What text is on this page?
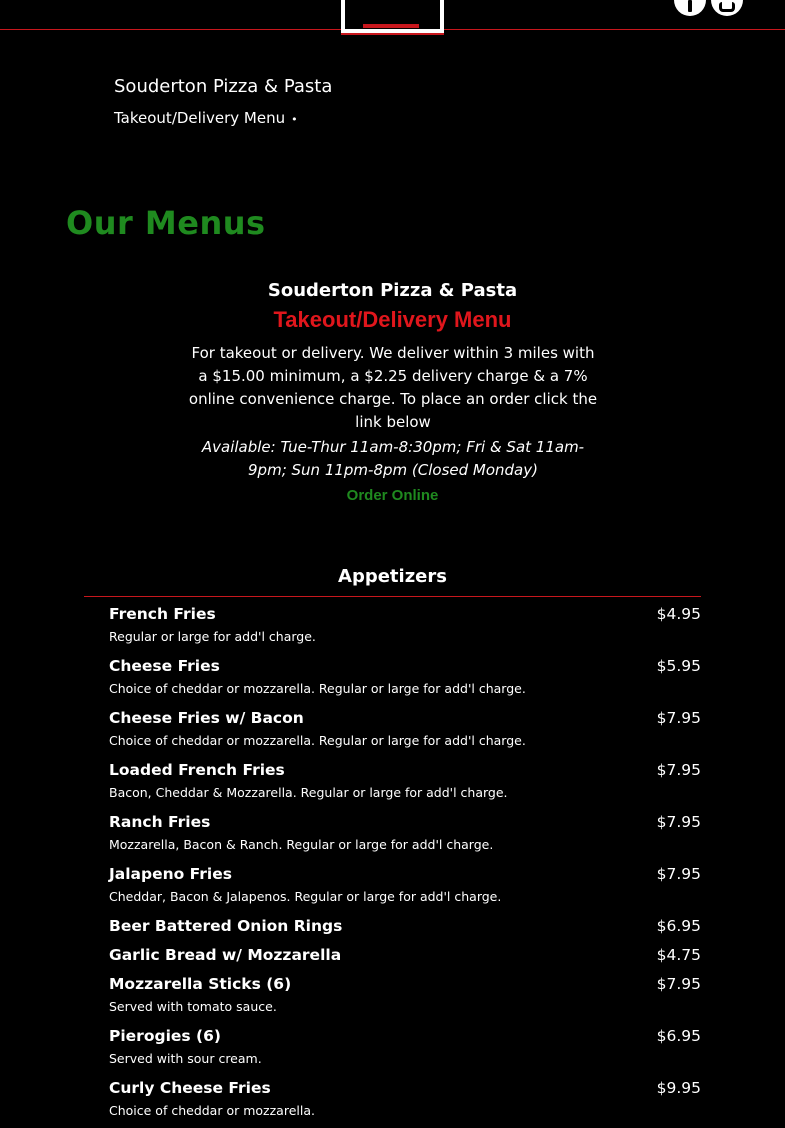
Souderton Pizza & Pasta
Takeout/Delivery Menu •
Our Menus
Souderton Pizza & Pasta
Takeout/Delivery Menu
For takeout or delivery. We deliver within 3 miles with a $15.00 minimum, a $2.25 delivery charge & a 7% online convenience charge. To place an order click the link below
Available: Tue-Thur 11am-8:30pm; Fri & Sat 11am-9pm; Sun 11pm-8pm (Closed Monday)
Order Online
Appetizers
French Fries	$4.95
Regular or large for add'l charge.
Cheese Fries	$5.95
Choice of cheddar or mozzarella. Regular or large for add'l charge.
Cheese Fries w/ Bacon	$7.95
Choice of cheddar or mozzarella. Regular or large for add'l charge.
Loaded French Fries	$7.95
Bacon, Cheddar & Mozzarella. Regular or large for add'l charge.
Ranch Fries	$7.95
Mozzarella, Bacon & Ranch. Regular or large for add'l charge.
Jalapeno Fries	$7.95
Cheddar, Bacon & Jalapenos. Regular or large for add'l charge.
Beer Battered Onion Rings	$6.95
Garlic Bread w/ Mozzarella	$4.75
Mozzarella Sticks (6)	$7.95
Served with tomato sauce.
Pierogies (6)	$6.95
Served with sour cream.
Curly Cheese Fries	$9.95
Choice of cheddar or mozzarella.
